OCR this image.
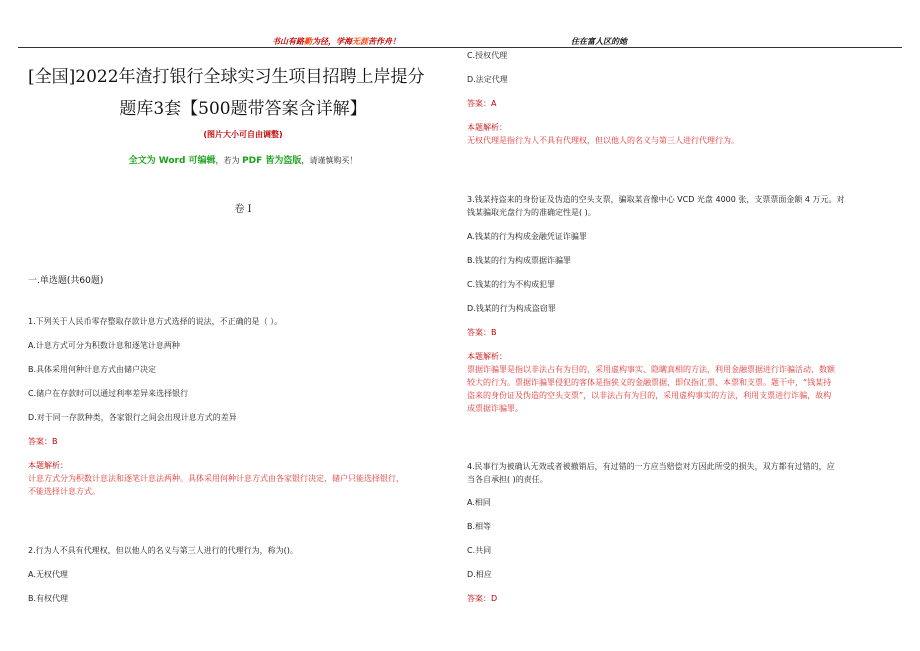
书山有路勤为径，学海无涯苦作舟！	住在富人区的她
[全国]2022年渣打银行全球实习生项目招聘上岸提分
题库3套【500题带答案含详解】
(图片大小可自由调整)
全文为 Word 可编辑，若为 PDF 皆为盗版，请谨慎购买！
卷 I
一.单选题(共60题)
1.下列关于人民币零存整取存款计息方式选择的说法，不正确的是（ ）。
A.计息方式可分为积数计息和逐笔计息两种
B.具体采用何种计息方式由储户决定
C.储户在存款时可以通过利率差异来选择银行
D.对于同一存款种类，各家银行之间会出现计息方式的差异
答案：B
本题解析：
计息方式分为积数计息法和逐笔计息法两种。具体采用何种计息方式由各家银行决定，储户只能选择银行，
不能选择计息方式。
2.行为人不具有代理权，但以他人的名义与第三人进行的代理行为，称为()。
A.无权代理
B.有权代理
C.授权代理
D.法定代理
答案：A
本题解析：
无权代理是指行为人不具有代理权，但以他人的名义与第三人进行代理行为。
3.钱某持盗来的身份证及伪造的空头支票，骗取某音像中心 VCD 光盘 4000 张，支票票面金额 4 万元。对
钱某骗取光盘行为的准确定性是( )。
A.钱某的行为构成金融凭证诈骗罪
B.钱某的行为构成票据诈骗罪
C.钱某的行为不构成犯罪
D.钱某的行为构成盗窃罪
答案：B
本题解析：
票据诈骗罪是指以非法占有为目的，采用虚构事实、隐瞒真相的方法，利用金融票据进行诈骗活动，数额
较大的行为。票据诈骗罪侵犯的客体是指狭义的金融票据，即仅指汇票、本票和支票。题干中，“钱某持
盗来的身份证及伪造的空头支票”，以非法占有为目的，采用虚构事实的方法，利用支票进行诈骗，故构
成票据诈骗罪。
4.民事行为被确认无效或者被撤销后，有过错的一方应当赔偿对方因此所受的损失，双方都有过错的，应
当各自承担( )的责任。
A.相同
B.相等
C.共同
D.相应
答案：D
